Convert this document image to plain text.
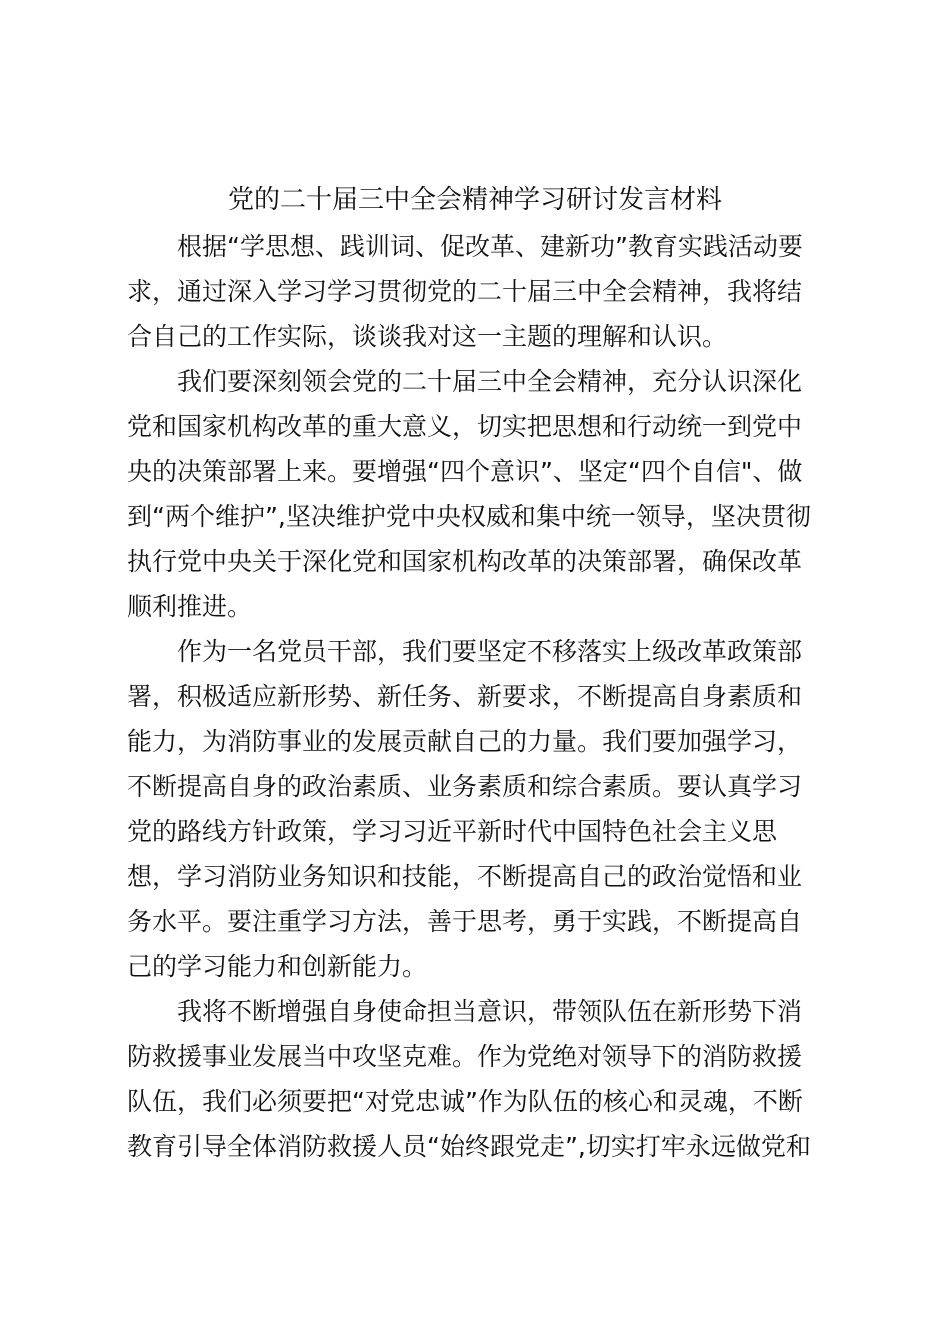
党的二十届三中全会精神学习研讨发言材料
根据“学思想、践训词、促改革、建新功”教育实践活动要
求，通过深入学习学习贯彻党的二十届三中全会精神，我将结
合自己的工作实际，谈谈我对这一主题的理解和认识。
我们要深刻领会党的二十届三中全会精神，充分认识深化
党和国家机构改革的重大意义，切实把思想和行动统一到党中
央的决策部署上来。要增强“四个意识”、坚定“四个自信"、做
到“两个维护”,坚决维护党中央权威和集中统一领导，坚决贯彻
执行党中央关于深化党和国家机构改革的决策部署，确保改革
顺利推进。
作为一名党员干部，我们要坚定不移落实上级改革政策部
署，积极适应新形势、新任务、新要求，不断提高自身素质和
能力，为消防事业的发展贡献自己的力量。我们要加强学习，
不断提高自身的政治素质、业务素质和综合素质。要认真学习
党的路线方针政策，学习习近平新时代中国特色社会主义思
想，学习消防业务知识和技能，不断提高自己的政治觉悟和业
务水平。要注重学习方法，善于思考，勇于实践，不断提高自
己的学习能力和创新能力。
我将不断增强自身使命担当意识，带领队伍在新形势下消
防救援事业发展当中攻坚克难。作为党绝对领导下的消防救援
队伍，我们必须要把“对党忠诚”作为队伍的核心和灵魂，不断
教育引导全体消防救援人员“始终跟党走”,切实打牢永远做党和
